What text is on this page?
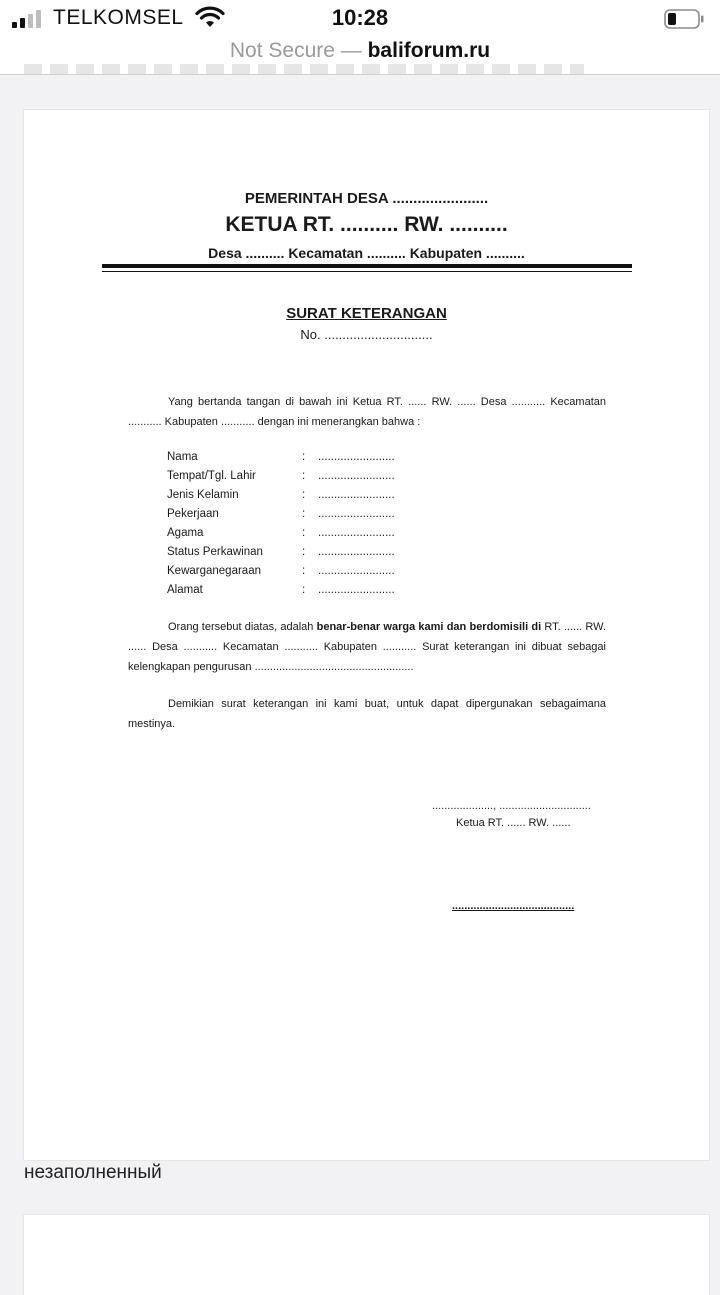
TELKOMSEL	10:28
Not Secure — baliforum.ru
PEMERINTAH DESA .......................
KETUA RT. .......... RW. ..........
Desa .......... Kecamatan .......... Kabupaten ..........
SURAT KETERANGAN
No. ..............................
Yang bertanda tangan di bawah ini Ketua RT. ...... RW. ...... Desa ........... Kecamatan ........... Kabupaten ........... dengan ini menerangkan bahwa :
Nama	: ........................
Tempat/Tgl. Lahir	: ........................
Jenis Kelamin	: ........................
Pekerjaan	: ........................
Agama	: ........................
Status Perkawinan	: ........................
Kewarganegaraan	: ........................
Alamat	: ........................
Orang tersebut diatas, adalah benar-benar warga kami dan berdomisili di RT. ...... RW. ...... Desa ........... Kecamatan ........... Kabupaten ........... Surat keterangan ini dibuat sebagai kelengkapan pengurusan ....................................................
Demikian surat keterangan ini kami buat, untuk dapat dipergunakan sebagaimana mestinya.
...................., ..............................
Ketua RT. ...... RW. ......
........................................
незаполненный
